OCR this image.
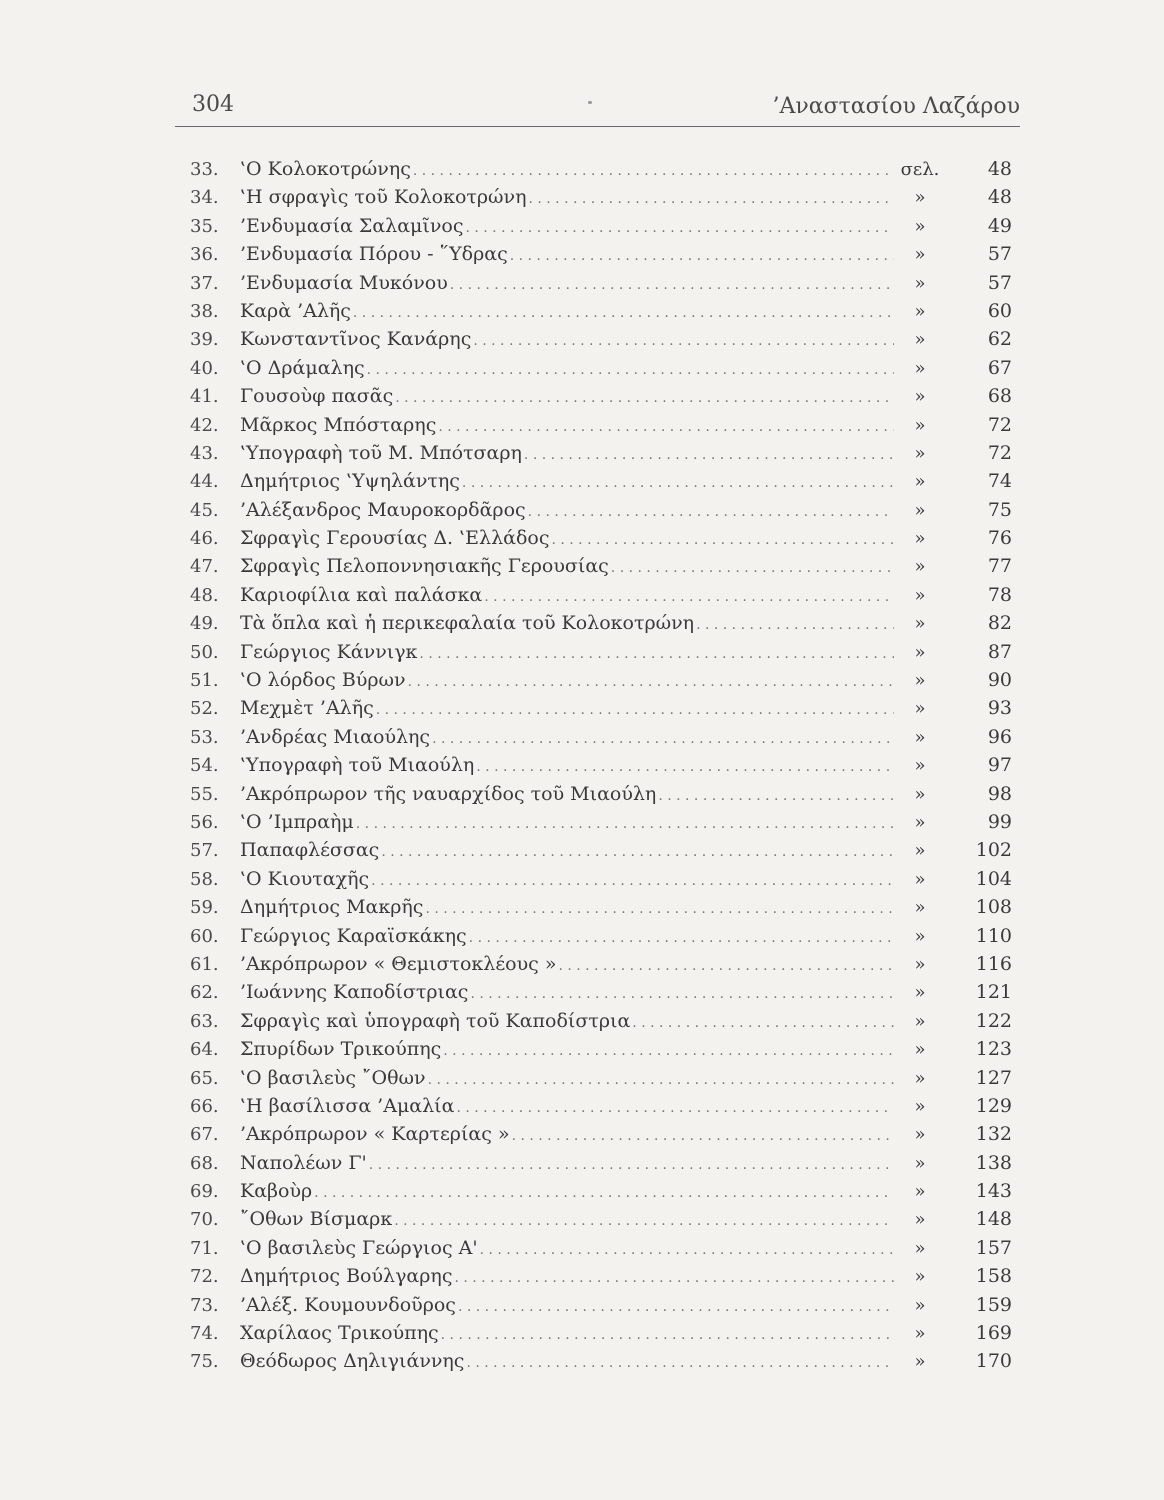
304	’Αναστασίου Λαζάρου
33.	‛Ο Κολοκοτρώνης . . .	σελ.	48
34.	‛Η σφραγὶς τοῦ Κολοκοτρώνη . . .	»	48
35.	’Ενδυμασία Σαλαμῖνος . . .	»	49
36.	’Ενδυμασία Πόρου - ῞Υδρας . . .	»	57
37.	’Ενδυμασία Μυκόνου . . .	»	57
38.	Καρὰ ’Αλῆς . . .	»	60
39.	Κωνσταντῖνος Κανάρης . . .	»	62
40.	‛Ο Δράμαλης . . .	»	67
41.	Γουσοὺφ πασᾶς . . .	»	68
42.	Μᾶρκος Μπόσταρης . . .	»	72
43.	‛Υπογραφὴ τοῦ Μ. Μπότσαρη . . .	»	72
44.	Δημήτριος ‛Υψηλάντης . . .	»	74
45.	’Αλέξανδρος Μαυροκορδᾶρος . . .	»	75
46.	Σφραγὶς Γερουσίας Δ. ‛Ελλάδος . . .	»	76
47.	Σφραγὶς Πελοποννησιακῆς Γερουσίας . . .	»	77
48.	Καριοφίλια καὶ παλάσκα . . .	»	78
49.	Τὰ ὅπλα καὶ ἡ περικεφαλαία τοῦ Κολοκοτρώνη . . .	»	82
50.	Γεώργιος Κάννιγκ . . .	»	87
51.	‛Ο λόρδος Βύρων . . .	»	90
52.	Μεχμὲτ ’Αλῆς . . .	»	93
53.	’Ανδρέας Μιαούλης . . .	»	96
54.	‛Υπογραφὴ τοῦ Μιαούλη . . .	»	97
55.	’Ακρόπρωρον τῆς ναυαρχίδος τοῦ Μιαούλη . . .	»	98
56.	‛Ο ’Ιμπραὴμ . . .	»	99
57.	Παπαφλέσσας . . .	»	102
58.	‛Ο Κιουταχῆς . . .	»	104
59.	Δημήτριος Μακρῆς . . .	»	108
60.	Γεώργιος Καραϊσκάκης . . .	»	110
61.	’Ακρόπρωρον « Θεμιστοκλέους » . . .	»	116
62.	’Ιωάννης Καποδίστριας . . .	»	121
63.	Σφραγὶς καὶ ὑπογραφὴ τοῦ Καποδίστρια . . .	»	122
64.	Σπυρίδων Τρικούπης . . .	»	123
65.	‛Ο βασιλεὺς ῎Οθων . . .	»	127
66.	‛Η βασίλισσα ’Αμαλία . . .	»	129
67.	’Ακρόπρωρον « Καρτερίας » . . .	»	132
68.	Ναπολέων Γ' . . .	»	138
69.	Καβοὺρ . . .	»	143
70.	῎Οθων Βίσμαρκ . . .	»	148
71.	‛Ο βασιλεὺς Γεώργιος Α' . . .	»	157
72.	Δημήτριος Βούλγαρης . . .	»	158
73.	’Αλέξ. Κουμουνδοῦρος . . .	»	159
74.	Χαρίλαος Τρικούπης . . .	»	169
75.	Θεόδωρος Δηλιγιάννης . . .	»	170
